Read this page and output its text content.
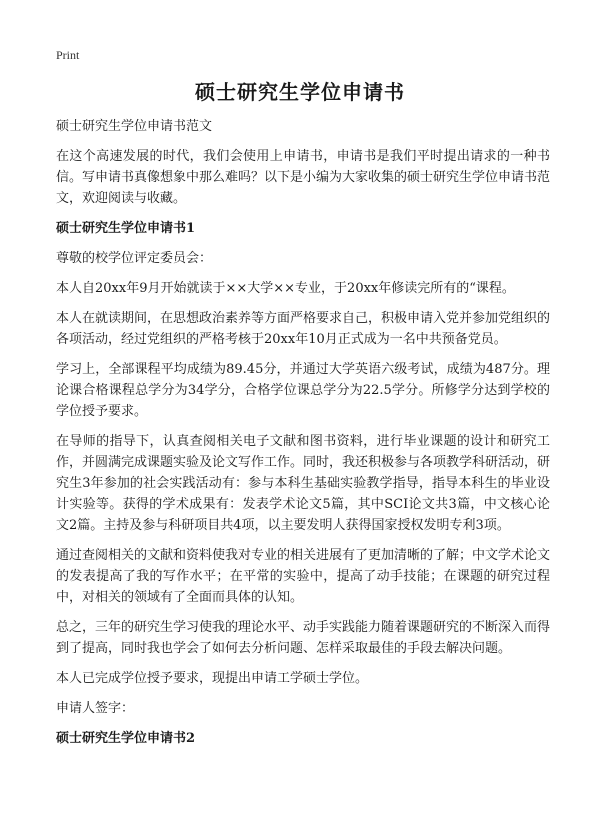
Print
硕士研究生学位申请书

硕士研究生学位申请书范文

在这个高速发展的时代，我们会使用上申请书，申请书是我们平时提出请求的一种书信。写申请书真像想象中那么难吗？以下是小编为大家收集的硕士研究生学位申请书范文，欢迎阅读与收藏。

硕士研究生学位申请书1

尊敬的校学位评定委员会：

本人自20xx年9月开始就读于××大学××专业，于20xx年修读完所有的“课程。

本人在就读期间，在思想政治素养等方面严格要求自己，积极申请入党并参加党组织的各项活动，经过党组织的严格考核于20xx年10月正式成为一名中共预备党员。

学习上，全部课程平均成绩为89.45分，并通过大学英语六级考试，成绩为487分。理论课合格课程总学分为34学分，合格学位课总学分为22.5学分。所修学分达到学校的学位授予要求。

在导师的指导下，认真查阅相关电子文献和图书资料，进行毕业课题的设计和研究工作，并圆满完成课题实验及论文写作工作。同时，我还积极参与各项教学科研活动，研究生3年参加的社会实践活动有：参与本科生基础实验教学指导，指导本科生的毕业设计实验等。获得的学术成果有：发表学术论文5篇，其中SCI论文共3篇，中文核心论文2篇。主持及参与科研项目共4项，以主要发明人获得国家授权发明专利3项。

通过查阅相关的文献和资料使我对专业的相关进展有了更加清晰的了解；中文学术论文的发表提高了我的写作水平；在平常的实验中，提高了动手技能；在课题的研究过程中，对相关的领域有了全面而具体的认知。

总之，三年的研究生学习使我的理论水平、动手实践能力随着课题研究的不断深入而得到了提高，同时我也学会了如何去分析问题、怎样采取最佳的手段去解决问题。

本人已完成学位授予要求，现提出申请工学硕士学位。

申请人签字：

硕士研究生学位申请书2
